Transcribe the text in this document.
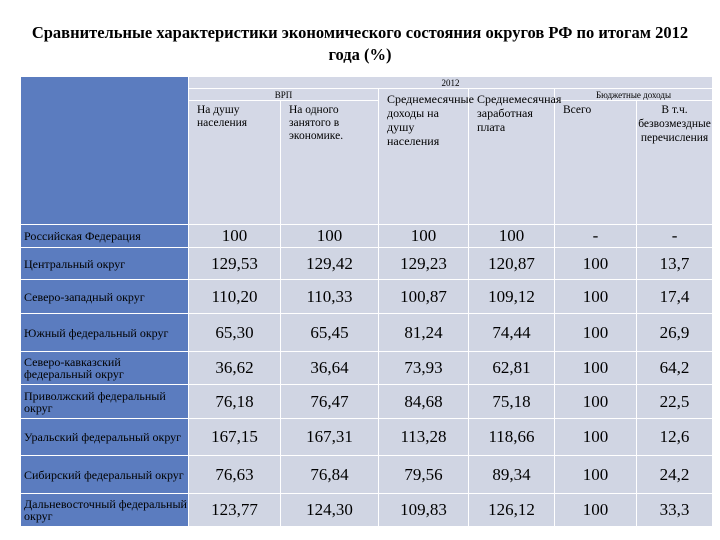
Сравнительные характеристики экономического состояния округов РФ по итогам 2012 года (%)
	2012					
	ВРП		Среднемесячные доходы на душу населения	Среднемесячная заработная плата	Бюджетные доходы	
	На душу населения	На одного занятого в экономике.			Всего	В т.ч. безвозмездные перечисления
Российская Федерация	100	100	100	100	-	-
Центральный округ	129,53	129,42	129,23	120,87	100	13,7
Северо-западный округ	110,20	110,33	100,87	109,12	100	17,4
Южный федеральный округ	65,30	65,45	81,24	74,44	100	26,9
Северо-кавказский федеральный округ	36,62	36,64	73,93	62,81	100	64,2
Приволжский федеральный округ	76,18	76,47	84,68	75,18	100	22,5
Уральский федеральный округ	167,15	167,31	113,28	118,66	100	12,6
Сибирский федеральный округ	76,63	76,84	79,56	89,34	100	24,2
Дальневосточный федеральный округ	123,77	124,30	109,83	126,12	100	33,3
